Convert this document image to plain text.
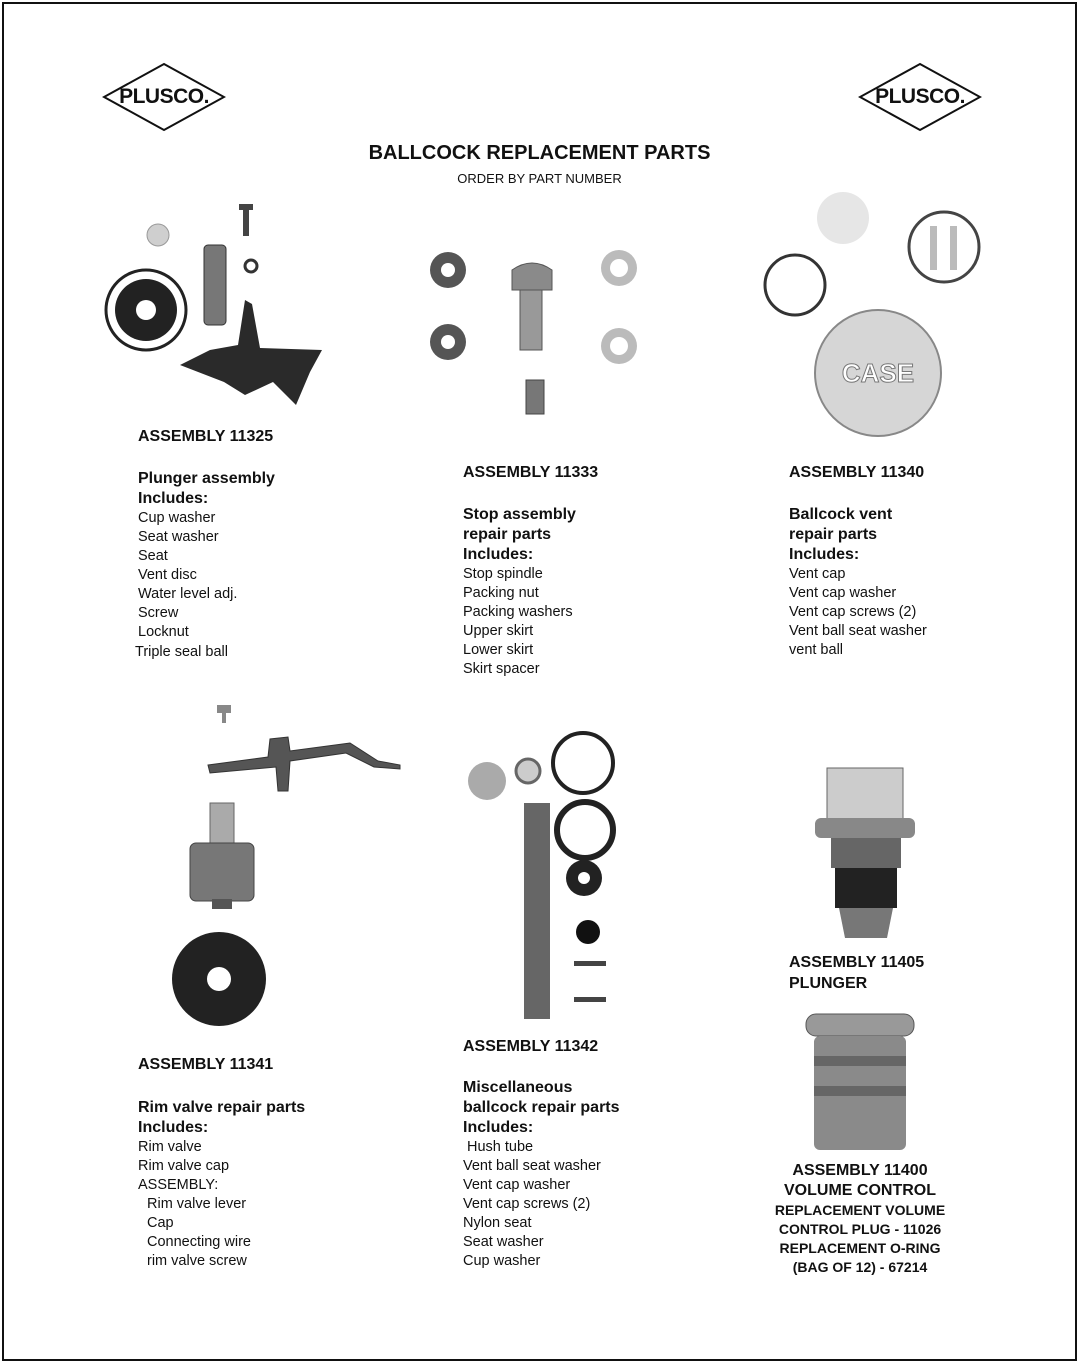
PLUSCO.	PLUSCO.
BALLCOCK REPLACEMENT PARTS
ORDER BY PART NUMBER
CASE
ASSEMBLY 11325
Plunger assembly
Includes:
Cup washer
Seat washer
Seat
Vent disc
Water level adj.
Screw
Locknut
Triple seal ball
ASSEMBLY 11333
Stop assembly
repair parts
Includes:
Stop spindle
Packing nut
Packing washers
Upper skirt
Lower skirt
Skirt spacer
ASSEMBLY 11340
Ballcock vent
repair parts
Includes:
Vent cap
Vent cap washer
Vent cap screws (2)
Vent ball seat washer
vent ball
ASSEMBLY 11341
Rim valve repair parts
Includes:
Rim valve
Rim valve cap
ASSEMBLY:
Rim valve lever
Cap
Connecting wire
rim valve screw
ASSEMBLY 11342
Miscellaneous
ballcock repair parts
Includes:
Hush tube
Vent ball seat washer
Vent cap washer
Vent cap screws (2)
Nylon seat
Seat washer
Cup washer
ASSEMBLY 11405
PLUNGER
ASSEMBLY 11400
VOLUME CONTROL
REPLACEMENT VOLUME
CONTROL PLUG - 11026
REPLACEMENT O-RING
(BAG OF 12) - 67214
